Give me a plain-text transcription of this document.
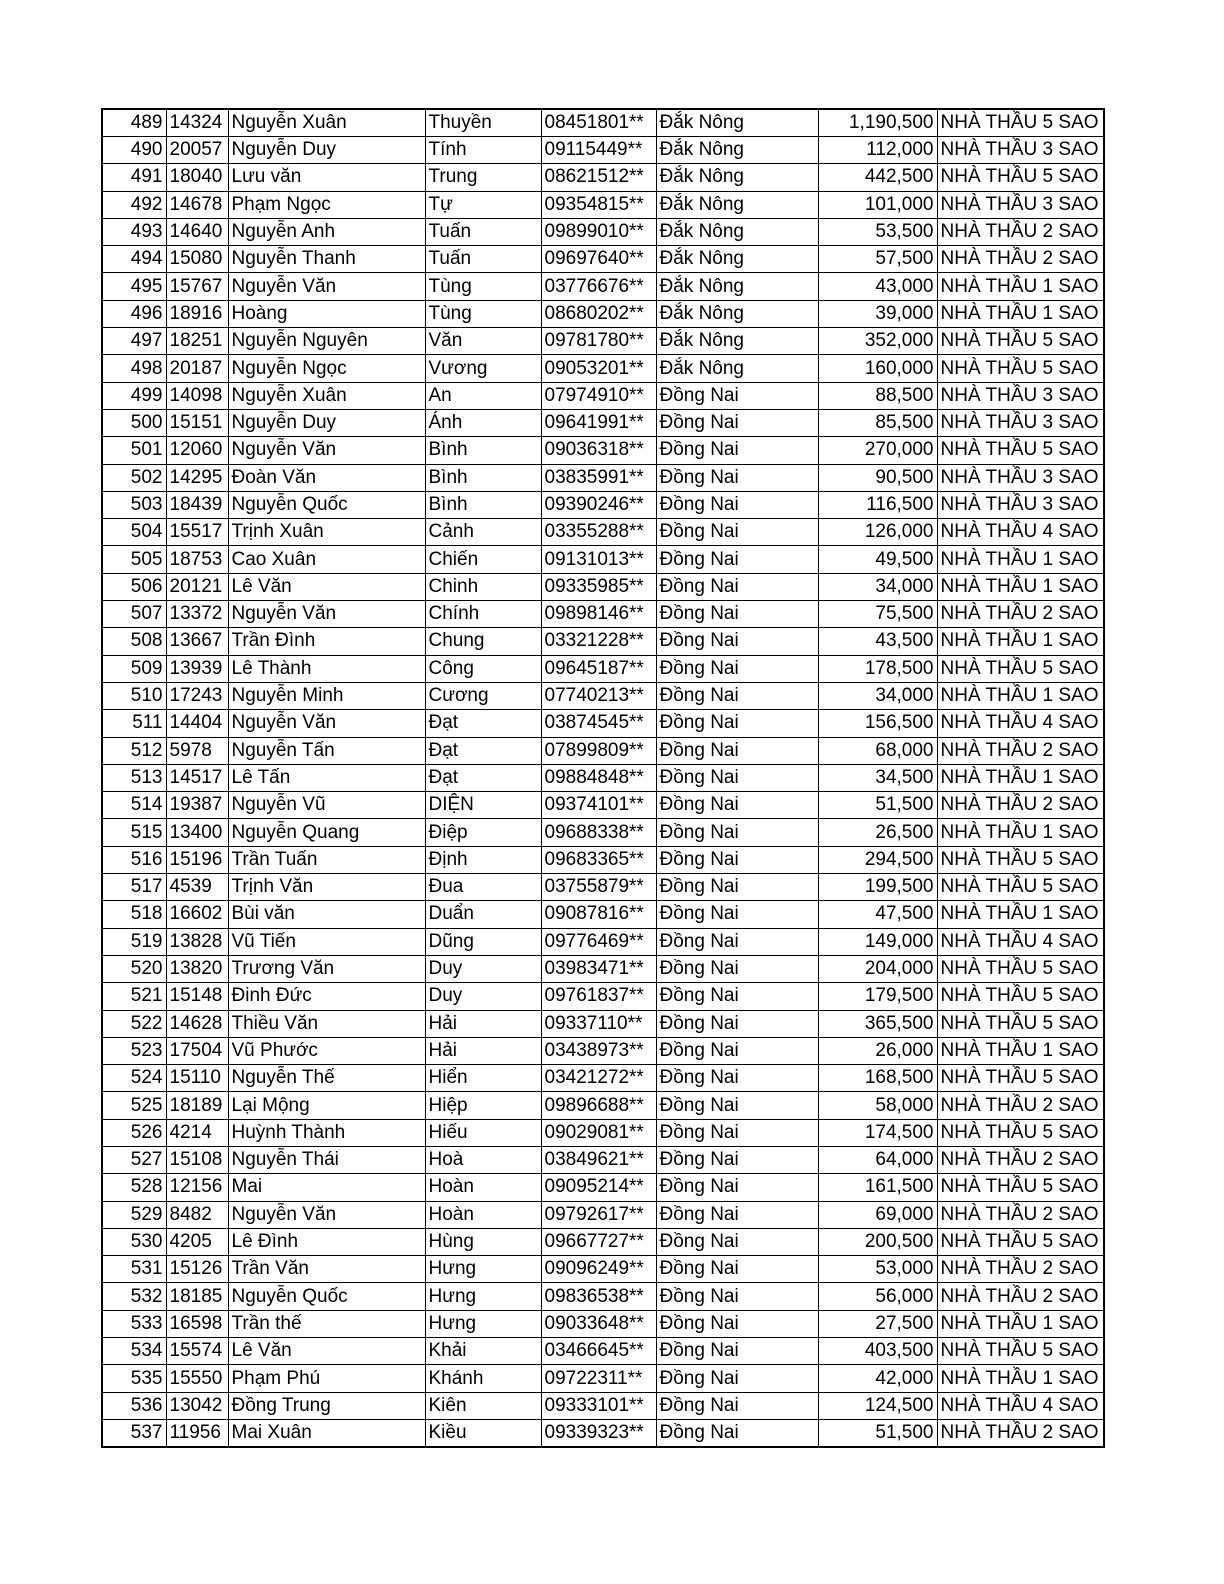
489	14324	Nguyễn Xuân	Thuyền	08451801**	Đắk Nông	1,190,500	NHÀ THẦU 5 SAO
490	20057	Nguyễn Duy	Tính	09115449**	Đắk Nông	112,000	NHÀ THẦU 3 SAO
491	18040	Lưu văn	Trung	08621512**	Đắk Nông	442,500	NHÀ THẦU 5 SAO
492	14678	Phạm Ngọc	Tự	09354815**	Đắk Nông	101,000	NHÀ THẦU 3 SAO
493	14640	Nguyễn Anh	Tuấn	09899010**	Đắk Nông	53,500	NHÀ THẦU 2 SAO
494	15080	Nguyễn Thanh	Tuấn	09697640**	Đắk Nông	57,500	NHÀ THẦU 2 SAO
495	15767	Nguyễn Văn	Tùng	03776676**	Đắk Nông	43,000	NHÀ THẦU 1 SAO
496	18916	Hoàng	Tùng	08680202**	Đắk Nông	39,000	NHÀ THẦU 1 SAO
497	18251	Nguyễn Nguyên	Văn	09781780**	Đắk Nông	352,000	NHÀ THẦU 5 SAO
498	20187	Nguyễn Ngọc	Vương	09053201**	Đắk Nông	160,000	NHÀ THẦU 5 SAO
499	14098	Nguyễn Xuân	An	07974910**	Đồng Nai	88,500	NHÀ THẦU 3 SAO
500	15151	Nguyễn Duy	Ánh	09641991**	Đồng Nai	85,500	NHÀ THẦU 3 SAO
501	12060	Nguyễn Văn	Bình	09036318**	Đồng Nai	270,000	NHÀ THẦU 5 SAO
502	14295	Đoàn Văn	Bình	03835991**	Đồng Nai	90,500	NHÀ THẦU 3 SAO
503	18439	Nguyễn Quốc	Bình	09390246**	Đồng Nai	116,500	NHÀ THẦU 3 SAO
504	15517	Trịnh Xuân	Cảnh	03355288**	Đồng Nai	126,000	NHÀ THẦU 4 SAO
505	18753	Cao Xuân	Chiến	09131013**	Đồng Nai	49,500	NHÀ THẦU 1 SAO
506	20121	Lê Văn	Chinh	09335985**	Đồng Nai	34,000	NHÀ THẦU 1 SAO
507	13372	Nguyễn Văn	Chính	09898146**	Đồng Nai	75,500	NHÀ THẦU 2 SAO
508	13667	Trần Đình	Chung	03321228**	Đồng Nai	43,500	NHÀ THẦU 1 SAO
509	13939	Lê Thành	Công	09645187**	Đồng Nai	178,500	NHÀ THẦU 5 SAO
510	17243	Nguyễn Minh	Cương	07740213**	Đồng Nai	34,000	NHÀ THẦU 1 SAO
511	14404	Nguyễn Văn	Đạt	03874545**	Đồng Nai	156,500	NHÀ THẦU 4 SAO
512	5978	Nguyễn Tấn	Đạt	07899809**	Đồng Nai	68,000	NHÀ THẦU 2 SAO
513	14517	Lê Tấn	Đạt	09884848**	Đồng Nai	34,500	NHÀ THẦU 1 SAO
514	19387	Nguyễn Vũ	DIỆN	09374101**	Đồng Nai	51,500	NHÀ THẦU 2 SAO
515	13400	Nguyễn Quang	Điệp	09688338**	Đồng Nai	26,500	NHÀ THẦU 1 SAO
516	15196	Trần Tuấn	Định	09683365**	Đồng Nai	294,500	NHÀ THẦU 5 SAO
517	4539	Trịnh Văn	Đua	03755879**	Đồng Nai	199,500	NHÀ THẦU 5 SAO
518	16602	Bùi văn	Duẩn	09087816**	Đồng Nai	47,500	NHÀ THẦU 1 SAO
519	13828	Vũ Tiến	Dũng	09776469**	Đồng Nai	149,000	NHÀ THẦU 4 SAO
520	13820	Trương Văn	Duy	03983471**	Đồng Nai	204,000	NHÀ THẦU 5 SAO
521	15148	Đinh Đức	Duy	09761837**	Đồng Nai	179,500	NHÀ THẦU 5 SAO
522	14628	Thiều Văn	Hải	09337110**	Đồng Nai	365,500	NHÀ THẦU 5 SAO
523	17504	Vũ Phước	Hải	03438973**	Đồng Nai	26,000	NHÀ THẦU 1 SAO
524	15110	Nguyễn Thế	Hiển	03421272**	Đồng Nai	168,500	NHÀ THẦU 5 SAO
525	18189	Lại Mộng	Hiệp	09896688**	Đồng Nai	58,000	NHÀ THẦU 2 SAO
526	4214	Huỳnh Thành	Hiếu	09029081**	Đồng Nai	174,500	NHÀ THẦU 5 SAO
527	15108	Nguyễn Thái	Hoà	03849621**	Đồng Nai	64,000	NHÀ THẦU 2 SAO
528	12156	Mai	Hoàn	09095214**	Đồng Nai	161,500	NHÀ THẦU 5 SAO
529	8482	Nguyễn Văn	Hoàn	09792617**	Đồng Nai	69,000	NHÀ THẦU 2 SAO
530	4205	Lê Đình	Hùng	09667727**	Đồng Nai	200,500	NHÀ THẦU 5 SAO
531	15126	Trần Văn	Hưng	09096249**	Đồng Nai	53,000	NHÀ THẦU 2 SAO
532	18185	Nguyễn Quốc	Hưng	09836538**	Đồng Nai	56,000	NHÀ THẦU 2 SAO
533	16598	Trần thế	Hưng	09033648**	Đồng Nai	27,500	NHÀ THẦU 1 SAO
534	15574	Lê Văn	Khải	03466645**	Đồng Nai	403,500	NHÀ THẦU 5 SAO
535	15550	Phạm Phú	Khánh	09722311**	Đồng Nai	42,000	NHÀ THẦU 1 SAO
536	13042	Đồng Trung	Kiên	09333101**	Đồng Nai	124,500	NHÀ THẦU 4 SAO
537	11956	Mai Xuân	Kiều	09339323**	Đồng Nai	51,500	NHÀ THẦU 2 SAO
